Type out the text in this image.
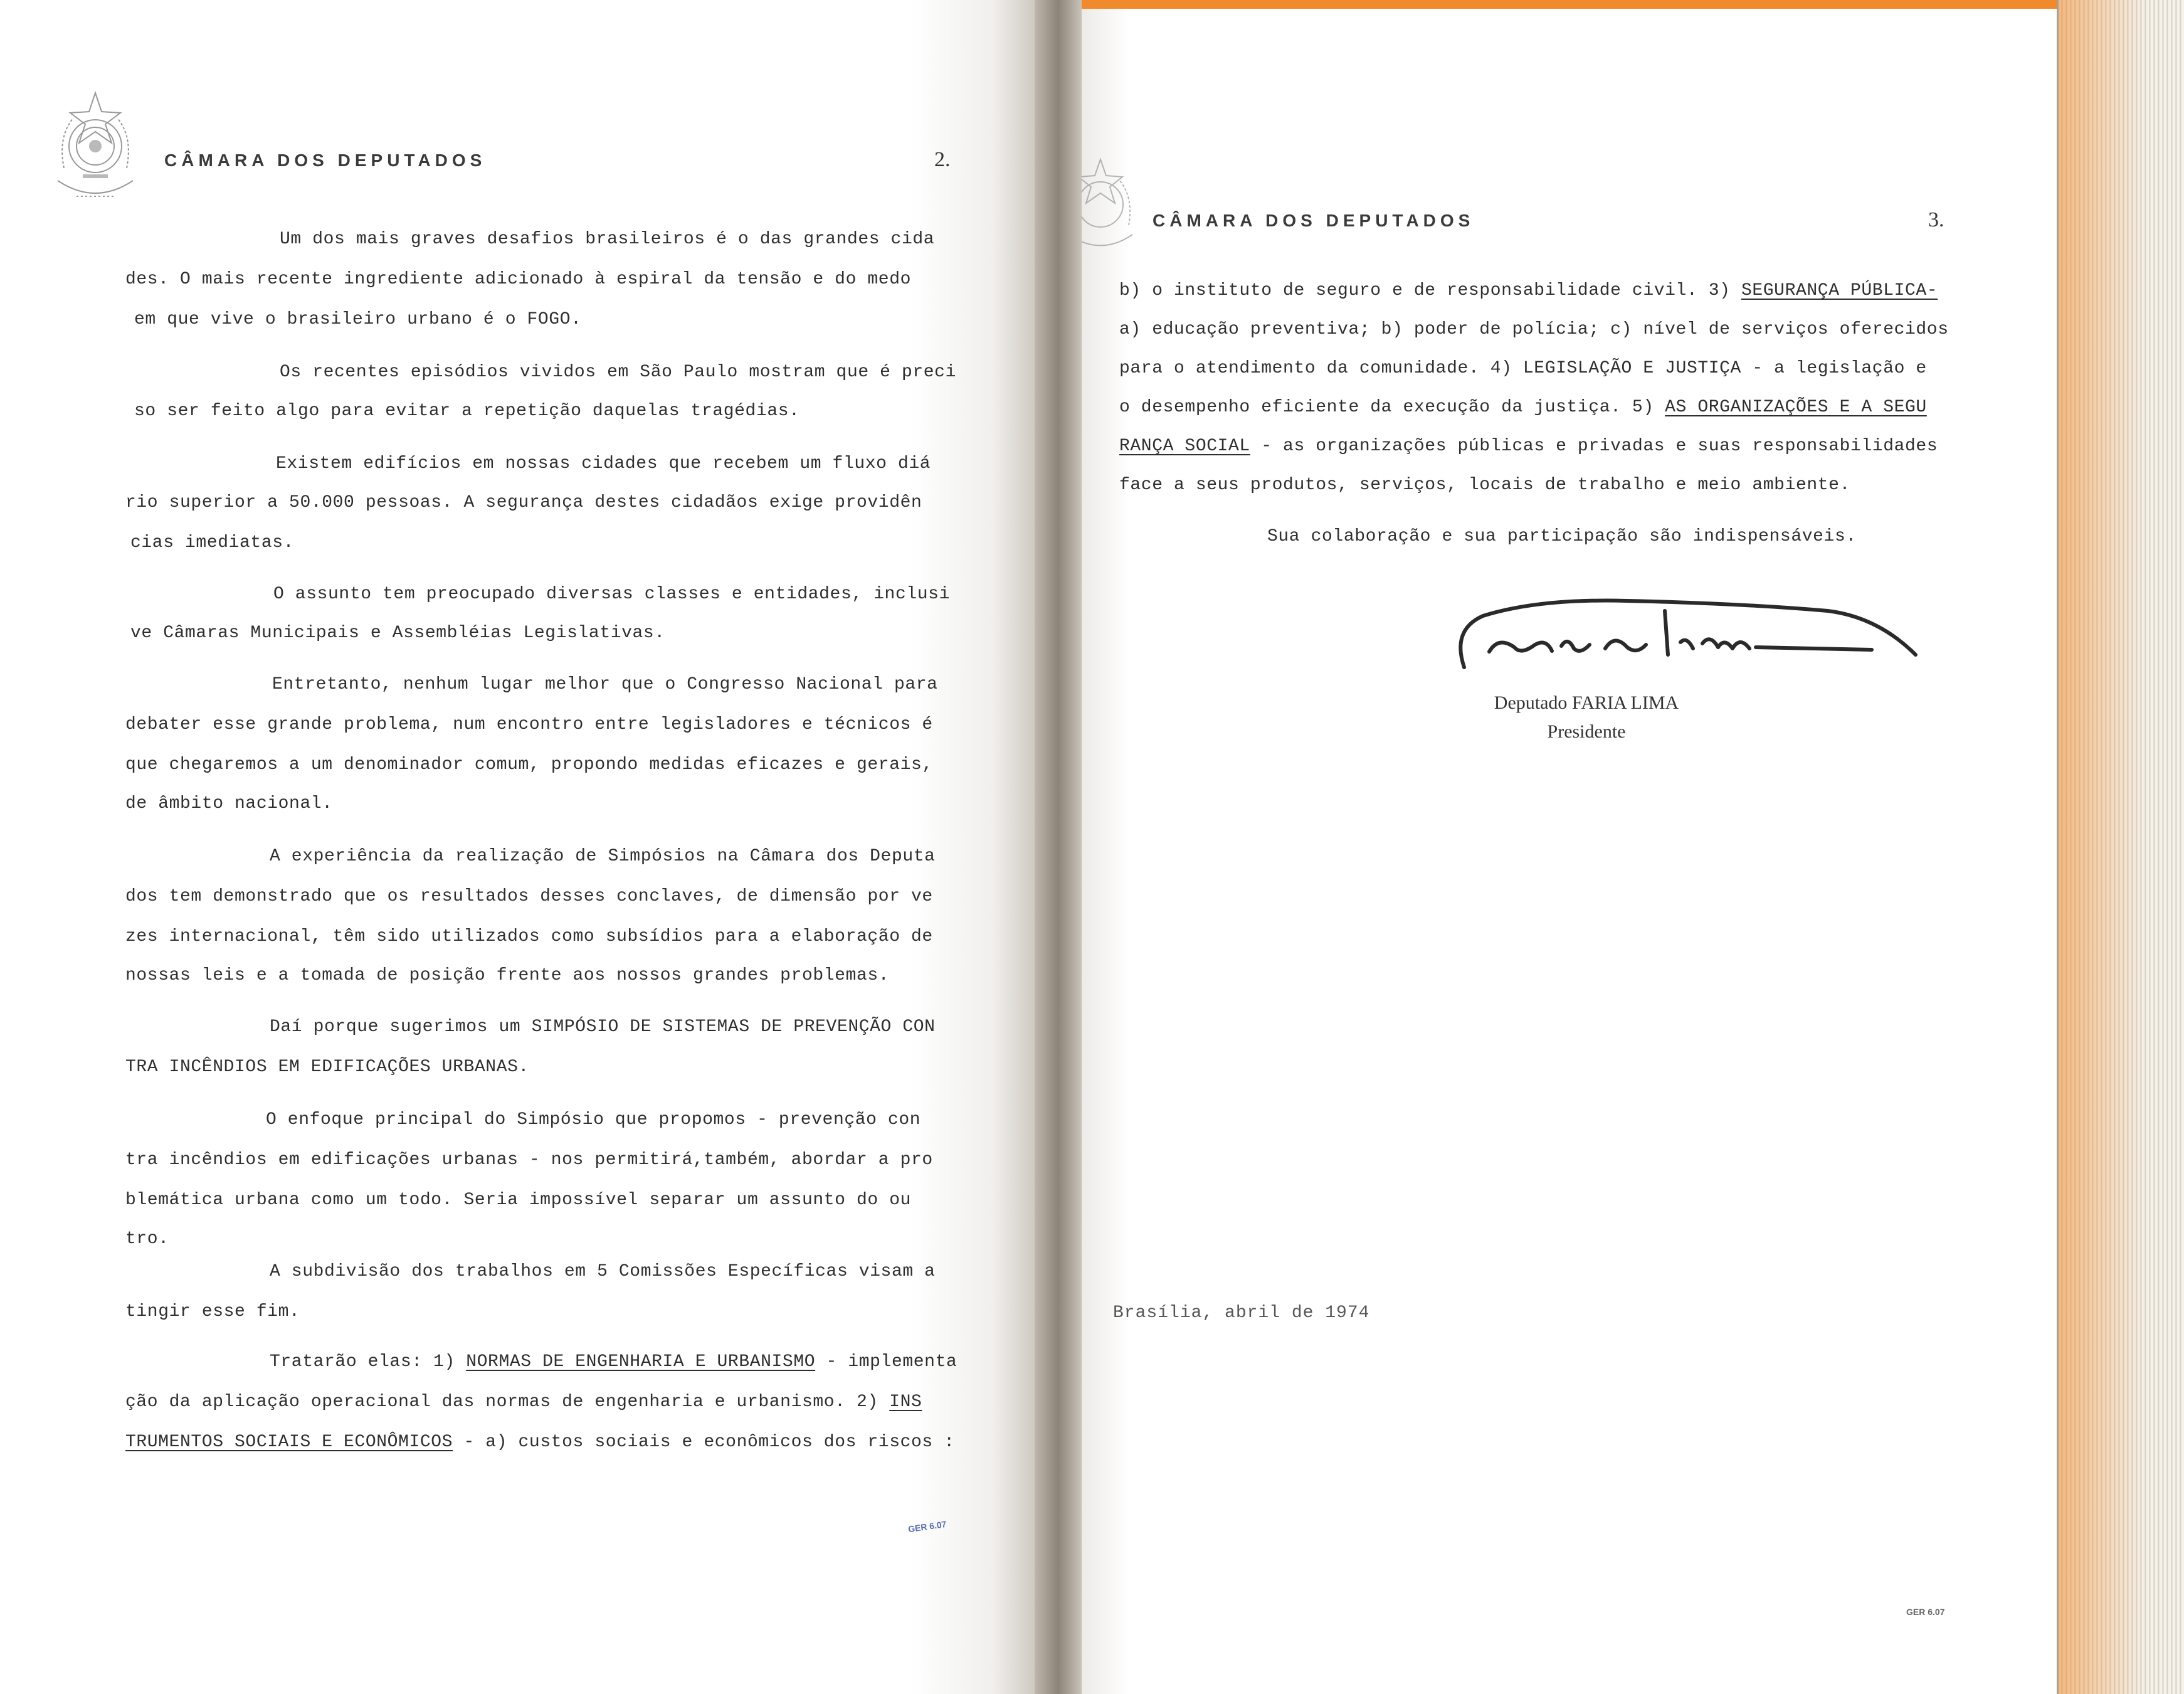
CÂMARA DOS DEPUTADOS	2.
Um dos mais graves desafios brasileiros é o das grandes cida
des. O mais recente ingrediente adicionado à espiral da tensão e do medo
em que vive o brasileiro urbano é o FOGO.
Os recentes episódios vividos em São Paulo mostram que é preci
so ser feito algo para evitar a repetição daquelas tragédias.
Existem edifícios em nossas cidades que recebem um fluxo diá
rio superior a 50.000 pessoas. A segurança destes cidadãos exige providên
cias imediatas.
O assunto tem preocupado diversas classes e entidades, inclusi
ve Câmaras Municipais e Assembléias Legislativas.
Entretanto, nenhum lugar melhor que o Congresso Nacional para
debater esse grande problema, num encontro entre legisladores e técnicos é
que chegaremos a um denominador comum, propondo medidas eficazes e gerais,
de âmbito nacional.
A experiência da realização de Simpósios na Câmara dos Deputa
dos tem demonstrado que os resultados desses conclaves, de dimensão por ve
zes internacional, têm sido utilizados como subsídios para a elaboração de
nossas leis e a tomada de posição frente aos nossos grandes problemas.
Daí porque sugerimos um SIMPÓSIO DE SISTEMAS DE PREVENÇÃO CON
TRA INCÊNDIOS EM EDIFICAÇÕES URBANAS.
O enfoque principal do Simpósio que propomos - prevenção con
tra incêndios em edificações urbanas - nos permitirá,também, abordar a pro
blemática urbana como um todo. Seria impossível separar um assunto do ou
tro.
A subdivisão dos trabalhos em 5 Comissões Específicas visam a
tingir esse fim.
Tratarão elas: 1) NORMAS DE ENGENHARIA E URBANISMO - implementa
ção da aplicação operacional das normas de engenharia e urbanismo. 2) INS
TRUMENTOS SOCIAIS E ECONÔMICOS - a) custos sociais e econômicos dos riscos :
GER 6.07
CÂMARA DOS DEPUTADOS	3.
b) o instituto de seguro e de responsabilidade civil. 3) SEGURANÇA PÚBLICA-
a) educação preventiva; b) poder de polícia; c) nível de serviços oferecidos
para o atendimento da comunidade. 4) LEGISLAÇÃO E JUSTIÇA - a legislação e
o desempenho eficiente da execução da justiça. 5) AS ORGANIZAÇÕES E A SEGU
RANÇA SOCIAL - as organizações públicas e privadas e suas responsabilidades
face a seus produtos, serviços, locais de trabalho e meio ambiente.
Sua colaboração e sua participação são indispensáveis.
Deputado FARIA LIMA
Presidente
Brasília, abril de 1974
GER 6.07
